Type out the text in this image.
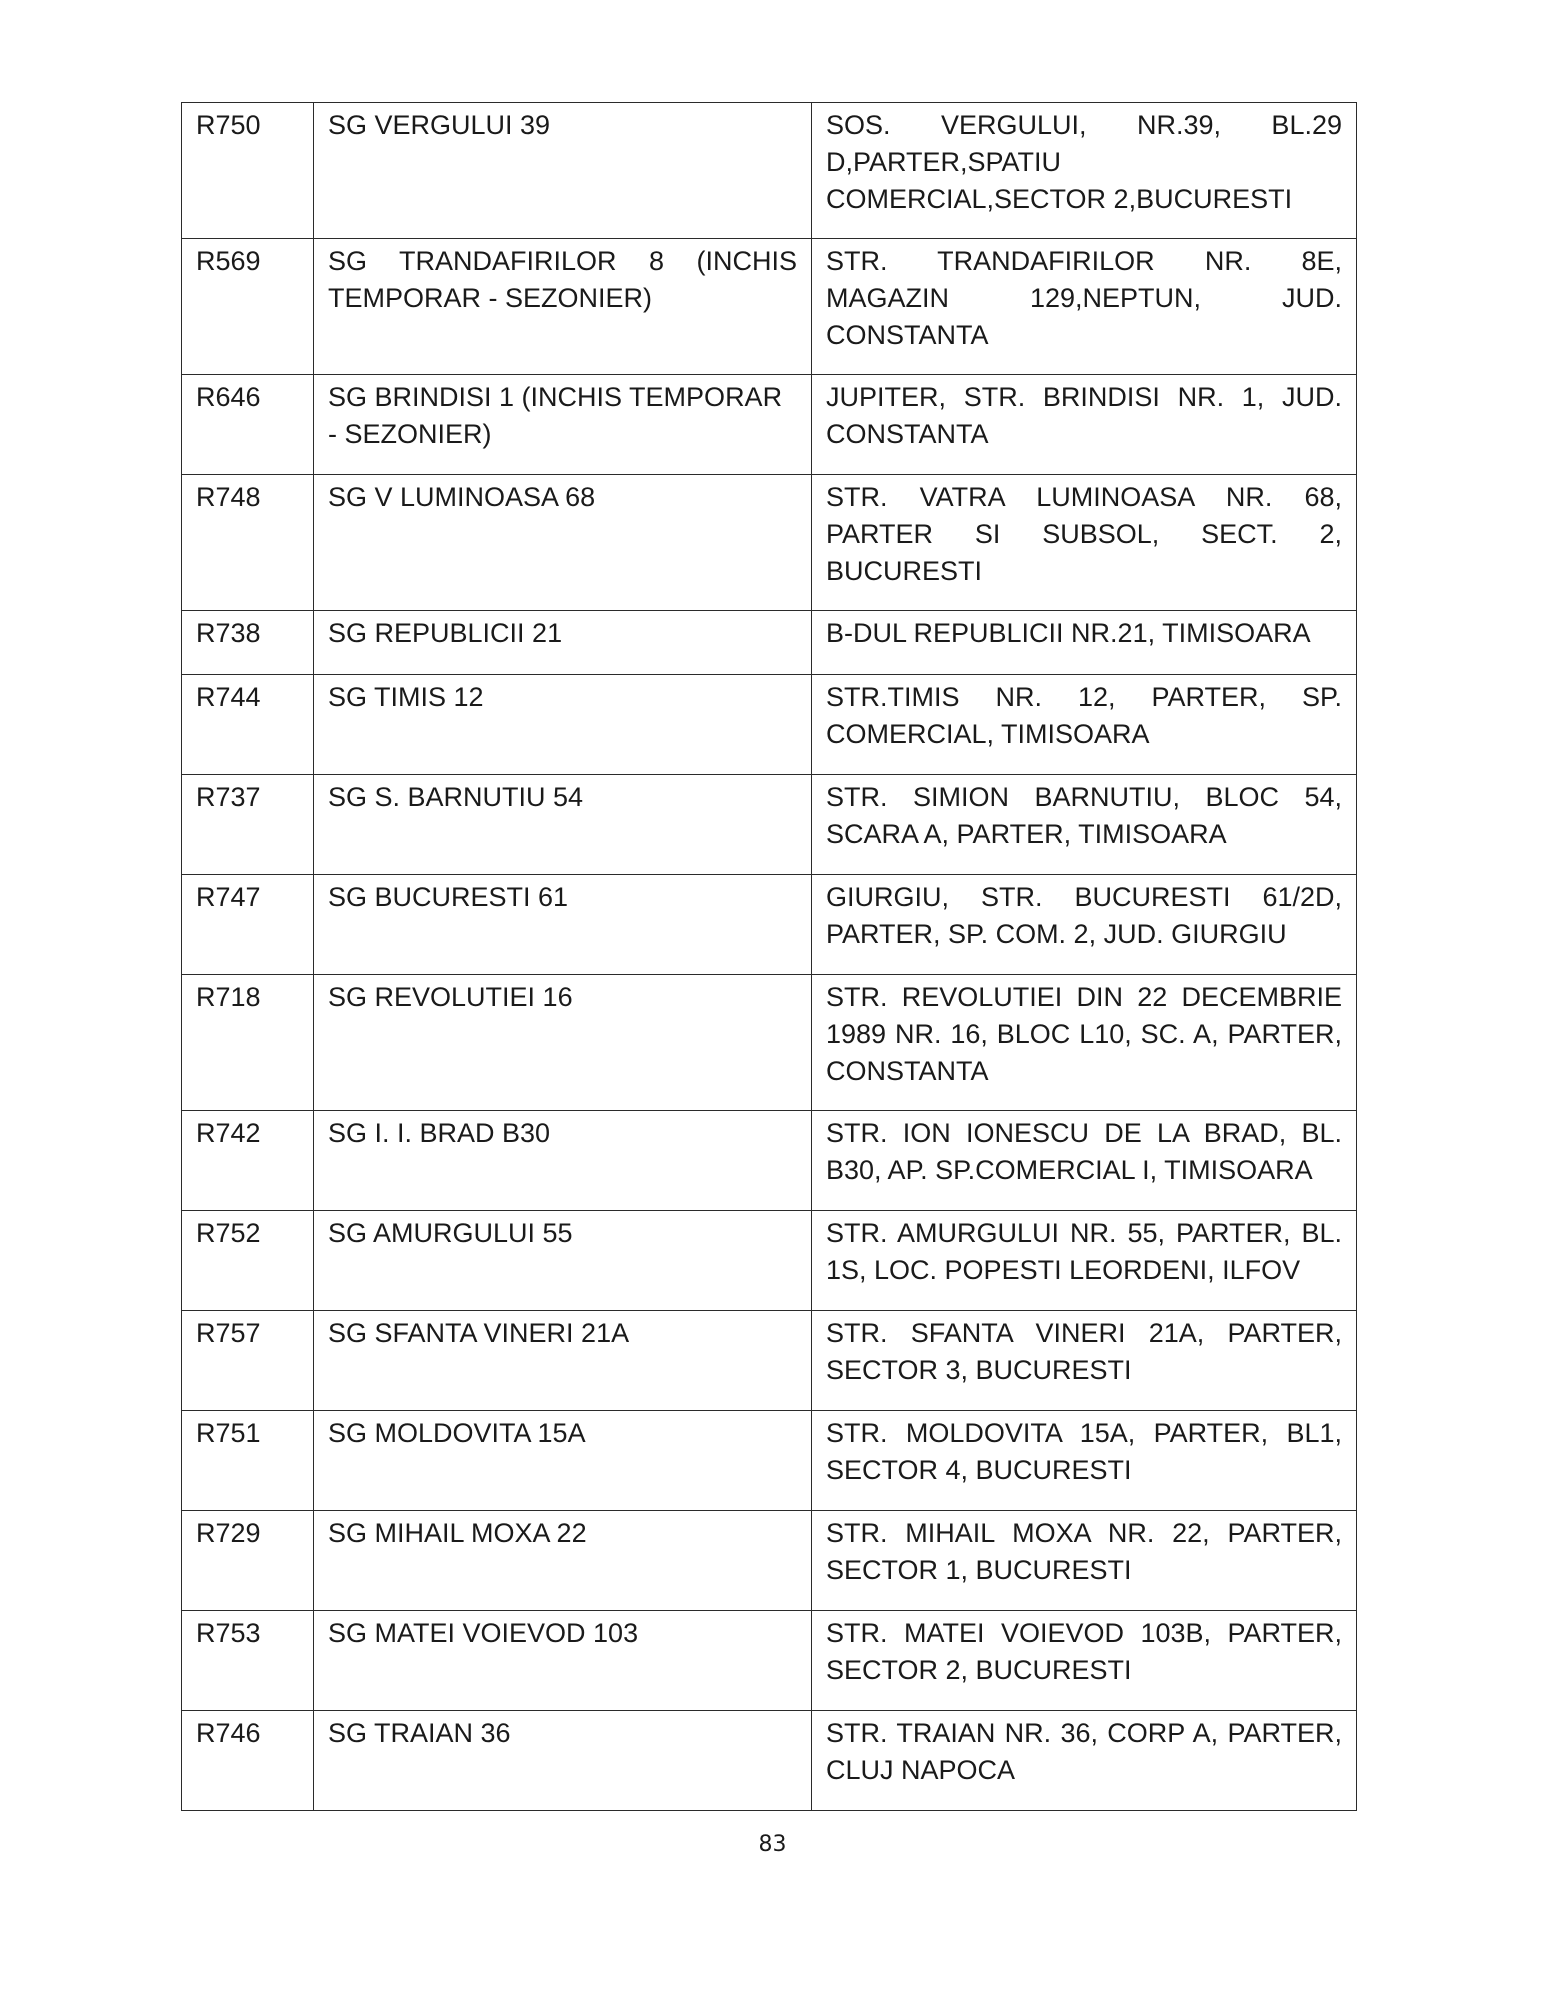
R750	SG VERGULUI 39	SOS. VERGULUI, NR.39, BL.29 D,PARTER,SPATIU COMERCIAL,SECTOR 2,BUCURESTI
R569	SG TRANDAFIRILOR 8 (INCHIS TEMPORAR - SEZONIER)	STR. TRANDAFIRILOR NR. 8E, MAGAZIN 129,NEPTUN, JUD. CONSTANTA
R646	SG BRINDISI 1 (INCHIS TEMPORAR - SEZONIER)	JUPITER, STR. BRINDISI NR. 1, JUD. CONSTANTA
R748	SG V LUMINOASA 68	STR. VATRA LUMINOASA NR. 68, PARTER SI SUBSOL, SECT. 2, BUCURESTI
R738	SG REPUBLICII 21	B-DUL REPUBLICII NR.21, TIMISOARA
R744	SG TIMIS 12	STR.TIMIS NR. 12, PARTER, SP. COMERCIAL, TIMISOARA
R737	SG S. BARNUTIU 54	STR. SIMION BARNUTIU, BLOC 54, SCARA A, PARTER, TIMISOARA
R747	SG BUCURESTI 61	GIURGIU, STR. BUCURESTI 61/2D, PARTER, SP. COM. 2, JUD. GIURGIU
R718	SG REVOLUTIEI 16	STR. REVOLUTIEI DIN 22 DECEMBRIE 1989 NR. 16, BLOC L10, SC. A, PARTER, CONSTANTA
R742	SG I. I. BRAD B30	STR. ION IONESCU DE LA BRAD, BL. B30, AP. SP.COMERCIAL I, TIMISOARA
R752	SG AMURGULUI 55	STR. AMURGULUI NR. 55, PARTER, BL. 1S, LOC. POPESTI LEORDENI, ILFOV
R757	SG SFANTA VINERI 21A	STR. SFANTA VINERI 21A, PARTER, SECTOR 3, BUCURESTI
R751	SG MOLDOVITA 15A	STR. MOLDOVITA 15A, PARTER, BL1, SECTOR 4, BUCURESTI
R729	SG MIHAIL MOXA 22	STR. MIHAIL MOXA NR. 22, PARTER, SECTOR 1, BUCURESTI
R753	SG MATEI VOIEVOD 103	STR. MATEI VOIEVOD 103B, PARTER, SECTOR 2, BUCURESTI
R746	SG TRAIAN 36	STR. TRAIAN NR. 36, CORP A, PARTER, CLUJ NAPOCA
83
